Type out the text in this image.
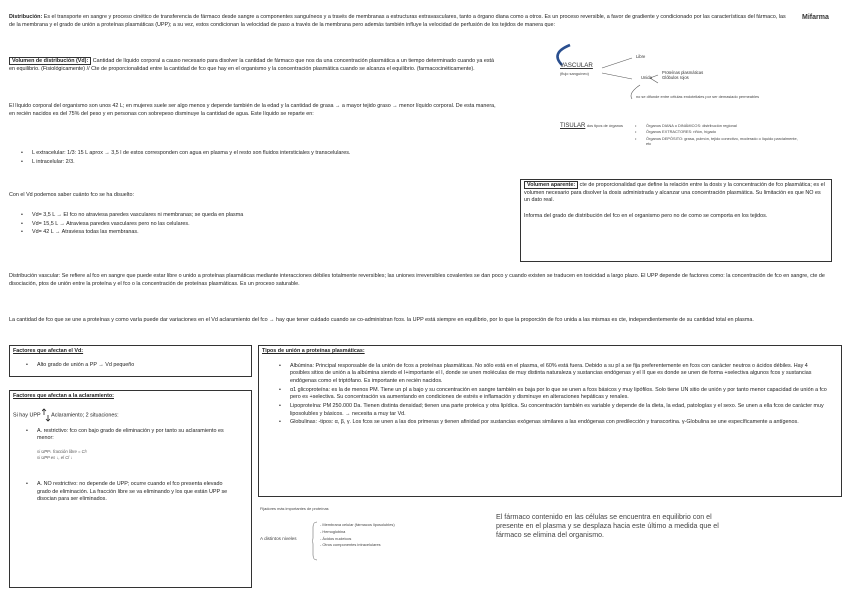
Mifarma

Distribución: Es el transporte en sangre y proceso cinético de transferencia de fármaco desde sangre a componentes sanguíneos y a través de membranas a estructuras extravasculares, tanto a órgano diana como a otros. Es un proceso reversible, a favor de gradiente y condicionado por las características del fármaco, las de la membrana y el grado de unión a proteínas plasmáticas (UPP); a su vez, estos condicionan la velocidad de paso a través de la membrana pero además también influye la velocidad de perfusión de los tejidos de manera que:

Volumen de distribución (Vd): Cantidad de líquido corporal a causo necesario para disolver la cantidad de fármaco que nos da una concentración plasmática a un tiempo determinado cuando ya está en equilibrio. (Fisiológicamente) // Cte de proporcionalidad entre la cantidad de fco que hay en el organismo y la concentración plasmática cuando se alcanza el equilibrio. (farmacocinéticamente).

El líquido corporal del organismo son unos 42 L; en mujeres suele ser algo menos y depende también de la edad y la cantidad de grasa → a mayor tejido graso → menor líquido corporal. De esta manera, en recién nacidos es del 75% del peso y en personas con sobrepeso disminuye la cantidad de agua. Este líquido se reparte en:

• L extracelular: 1/3: 15 L aprox → 3,5 l de estos corresponden con agua en plasma y el resto son fluidos intersticiales y transcelulares.
• L intracelular: 2/3.

Con el Vd podemos saber cuánto fco se ha disuelto:

• Vd= 3,5 L → El fco no atraviesa paredes vasculares ni membranas; se queda en plasma
• Vd= 15,5 L → Atraviesa paredes vasculares pero no las celulares.
• Vd= 42 L → Atraviesa todas las membranas.
VASCULAR
(flujo sanguíneo)
Libre
Unida
Proteínas plasmáticas
Glóbulos rojos
no se difunde entre células endoteliales por ser demasiado permeables
TISULAR dos tipos de órganos
•	Órganos DIANA o DINÁMICOS: distribución regional
• Órganos EXTRACTORES: riñón, hígado
• Órganos DEPÓSITO: grasa, pulmón, tejido conectivo, moderado o líquido parcialmente, etc

Volumen aparente: cte de proporcionalidad que define la relación entre la dosis y la concentración de fco plasmática; es el volumen necesario para disolver la dosis administrada y alcanzar una concentración plasmática. Su limitación es que NO es un dato real.

Informa del grado de distribución del fco en el organismo pero no de como se comporta en los tejidos.

Distribución vascular: Se refiere al fco en sangre que puede estar libre o unido a proteínas plasmáticas mediante interacciones débiles totalmente reversibles; las uniones irreversibles covalentes se dan poco y cuando existen se traducen en toxicidad a largo plazo. El UPP depende de factores como: la concentración de fco en sangre, cte de disociación, ptos de unión entre la proteína y el fco o la concentración de proteínas plasmáticas. Es un proceso saturable.

La cantidad de fco que se une a proteínas y como varía puede dar variaciones en el Vd aclaramiento del fco → hay que tener cuidado cuando se co-administran fcos. la UPP está siempre en equilibrio, por lo que la proporción de fco unida a las mismas es cte, independientemente de su cantidad total en plasma.

Factores que afectan el Vd:
• Alto grado de unión a PP → Vd pequeño
Factores que afectan a la aclaramiento:
Si hay UPP Aclaramiento; 2 situaciones:
• A. restrictivo: fco con bajo grado de eliminación y por tanto su aclaramiento es menor:
si UPP↓ fracción libre = Cl↑
si UPP es ↓, el Cl ↓
• A. NO restrictivo: no depende de UPP; ocurre cuando el fco presenta elevado grado de eliminación. La fracción libre se va eliminando y los que están UPP se disocian para ser eliminados.
Tipos de unión a proteínas plasmáticas:
• Albúmina: Principal responsable de la unión de fcos a proteínas plasmáticas. No sólo está en el plasma, el 60% está fuera. Debido a su pI a se fija preferentemente en fcos con carácter neutros o ácidos débiles. Hay 4 posibles sitios de unión a la albúmina siendo el I+importante el I, donde se unen moléculas de muy distinta naturaleza y sustancias endógenas y el II que es donde se unen de forma +selectiva algunos fcos y sustancias endógenas como el triptófano. Es importante en recién nacidos.
• α1 glicoproteína: es la de menos PM. Tiene un pI a bajo y su concentración en sangre también es baja por lo que se unen a fcos básicos y muy lipófilos. Solo tiene UN sitio de unión y por tanto menor capacidad de unión a fco pero es +selectiva. Su concentración va aumentando en condiciones de estrés e inflamación y disminuye en alteraciones hepáticas y renales.
• Lipoproteína: PM 250.000 Da. Tienen distinta densidad; tienen una parte proteica y otra lipídica. Su concentración también es variable y depende de la dieta, la edad, patologías y el sexo. Se unen a ella fcos de carácter muy liposolubles y básicos. → necesita a muy tar Vd.
• Globulinas: -tipos: α, β, γ. Los fcos se unen a las dos primeras y tienen afinidad por sustancias exógenas similares a las endógenas con predilección y transcortina. γ-Globulina se une específicamente a antígenos.
Fijadores más importantes de proteínas
A distintos niveles
- Membrana celular (fármacos liposolubles)
- Hemoglobina
- Ácidos nucleicos
- Otros componentes intracelulares
El fármaco contenido en las células se encuentra en equilibrio con el presente en el plasma y se desplaza hacia este último a medida que el fármaco se elimina del organismo.
